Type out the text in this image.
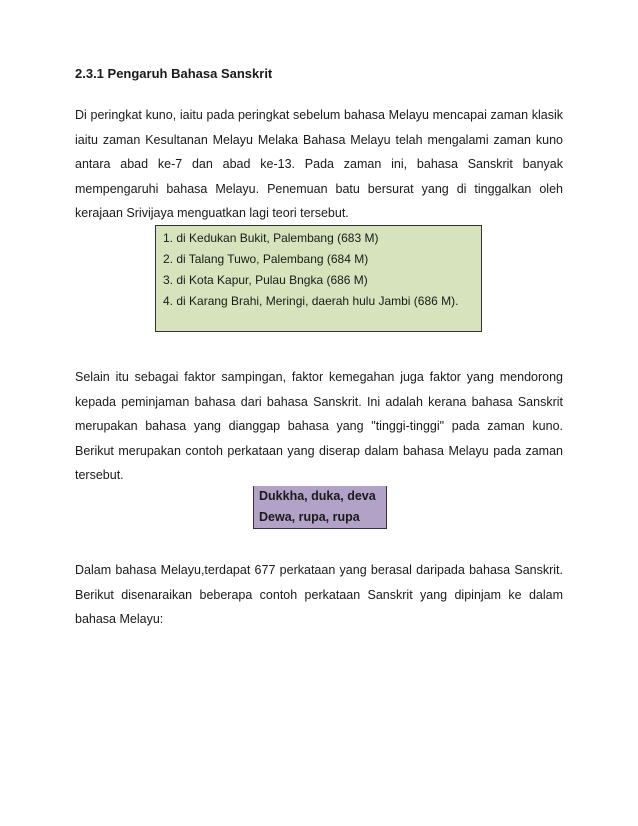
2.3.1 Pengaruh Bahasa Sanskrit

Di peringkat kuno, iaitu pada peringkat sebelum bahasa Melayu mencapai zaman klasik iaitu zaman Kesultanan Melayu Melaka Bahasa Melayu telah mengalami zaman kuno antara abad ke-7 dan abad ke-13. Pada zaman ini, bahasa Sanskrit banyak mempengaruhi bahasa Melayu. Penemuan batu bersurat yang di tinggalkan oleh kerajaan Srivijaya menguatkan lagi teori tersebut.

1. di Kedukan Bukit, Palembang (683 M)
2. di Talang Tuwo, Palembang (684 M)
3. di Kota Kapur, Pulau Bngka (686 M)
4. di Karang Brahi, Meringi, daerah hulu Jambi (686 M).

Selain itu sebagai faktor sampingan, faktor kemegahan juga faktor yang mendorong kepada peminjaman bahasa dari bahasa Sanskrit. Ini adalah kerana bahasa Sanskrit merupakan bahasa yang dianggap bahasa yang "tinggi-tinggi" pada zaman kuno. Berikut merupakan contoh perkataan yang diserap dalam bahasa Melayu pada zaman tersebut.

Dukkha, duka, deva
Dewa, rupa, rupa

Dalam bahasa Melayu,terdapat 677 perkataan yang berasal daripada bahasa Sanskrit. Berikut disenaraikan beberapa contoh perkataan Sanskrit yang dipinjam ke dalam bahasa Melayu:
